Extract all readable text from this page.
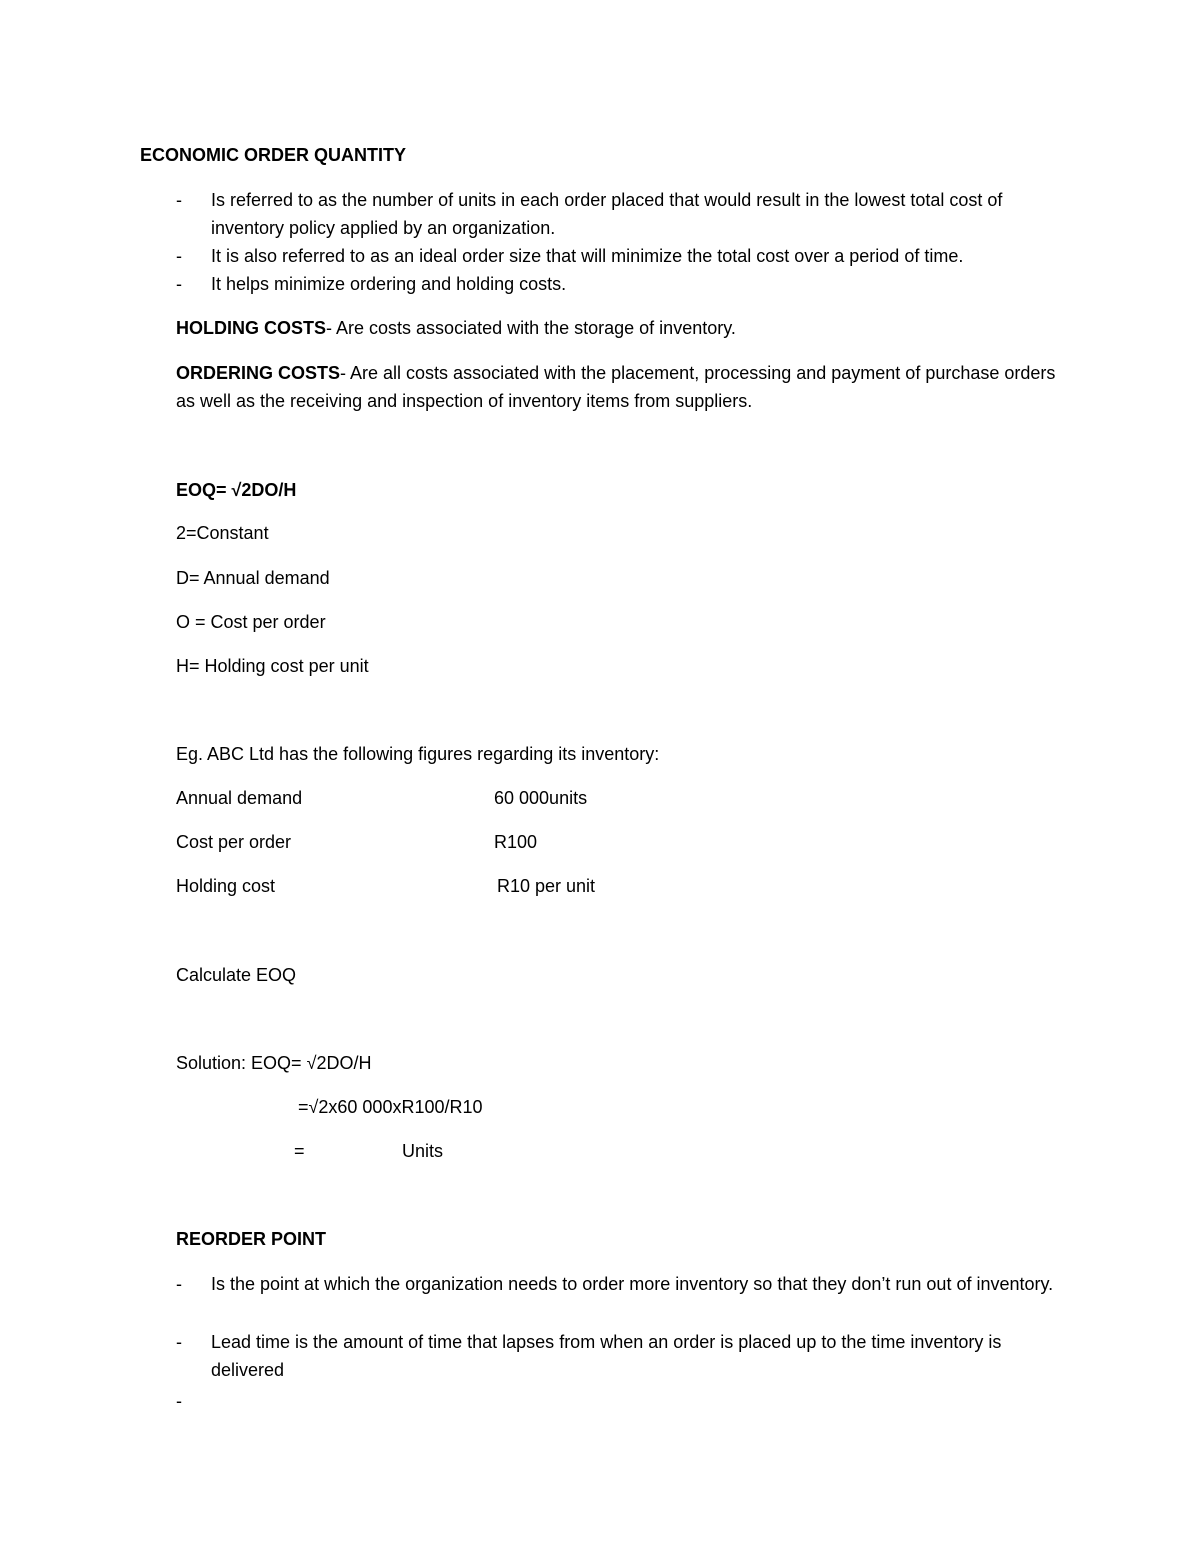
ECONOMIC ORDER QUANTITY
-	Is referred to as the number of units in each order placed that would result in the lowest total cost of inventory policy applied by an organization.
-	It is also referred to as an ideal order size that will minimize the total cost over a period of time.
-	It helps minimize ordering and holding costs.
HOLDING COSTS- Are costs associated with the storage of inventory.
ORDERING COSTS- Are all costs associated with the placement, processing and payment of purchase orders as well as the receiving and inspection of inventory items from suppliers.
EOQ= √2DO/H
2=Constant
D= Annual demand
O = Cost per order
H= Holding cost per unit
Eg. ABC Ltd has the following figures regarding its inventory:
Annual demand	60 000units
Cost per order	R100
Holding cost	R10 per unit
Calculate EOQ
Solution: EOQ= √2DO/H
=√2x60 000xR100/R10
=	Units
REORDER POINT
-	Is the point at which the organization needs to order more inventory so that they don’t run out of inventory.
-	Lead time is the amount of time that lapses from when an order is placed up to the time inventory is delivered
-
